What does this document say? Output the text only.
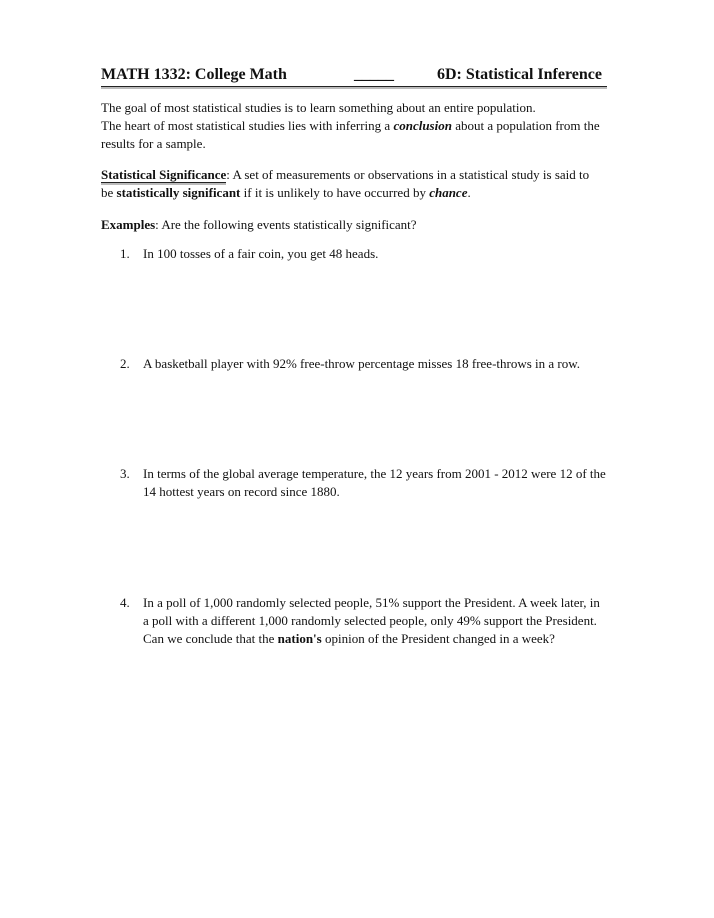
MATH 1332: College Math	_____	6D: Statistical Inference
The goal of most statistical studies is to learn something about an entire population.
The heart of most statistical studies lies with inferring a conclusion about a population from the
results for a sample.
Statistical Significance: A set of measurements or observations in a statistical study is said to
be statistically significant if it is unlikely to have occurred by chance.
Examples: Are the following events statistically significant?
1. In 100 tosses of a fair coin, you get 48 heads.
2. A basketball player with 92% free-throw percentage misses 18 free-throws in a row.
3. In terms of the global average temperature, the 12 years from 2001 - 2012 were 12 of the
14 hottest years on record since 1880.
4. In a poll of 1,000 randomly selected people, 51% support the President. A week later, in
a poll with a different 1,000 randomly selected people, only 49% support the President.
Can we conclude that the nation's opinion of the President changed in a week?
